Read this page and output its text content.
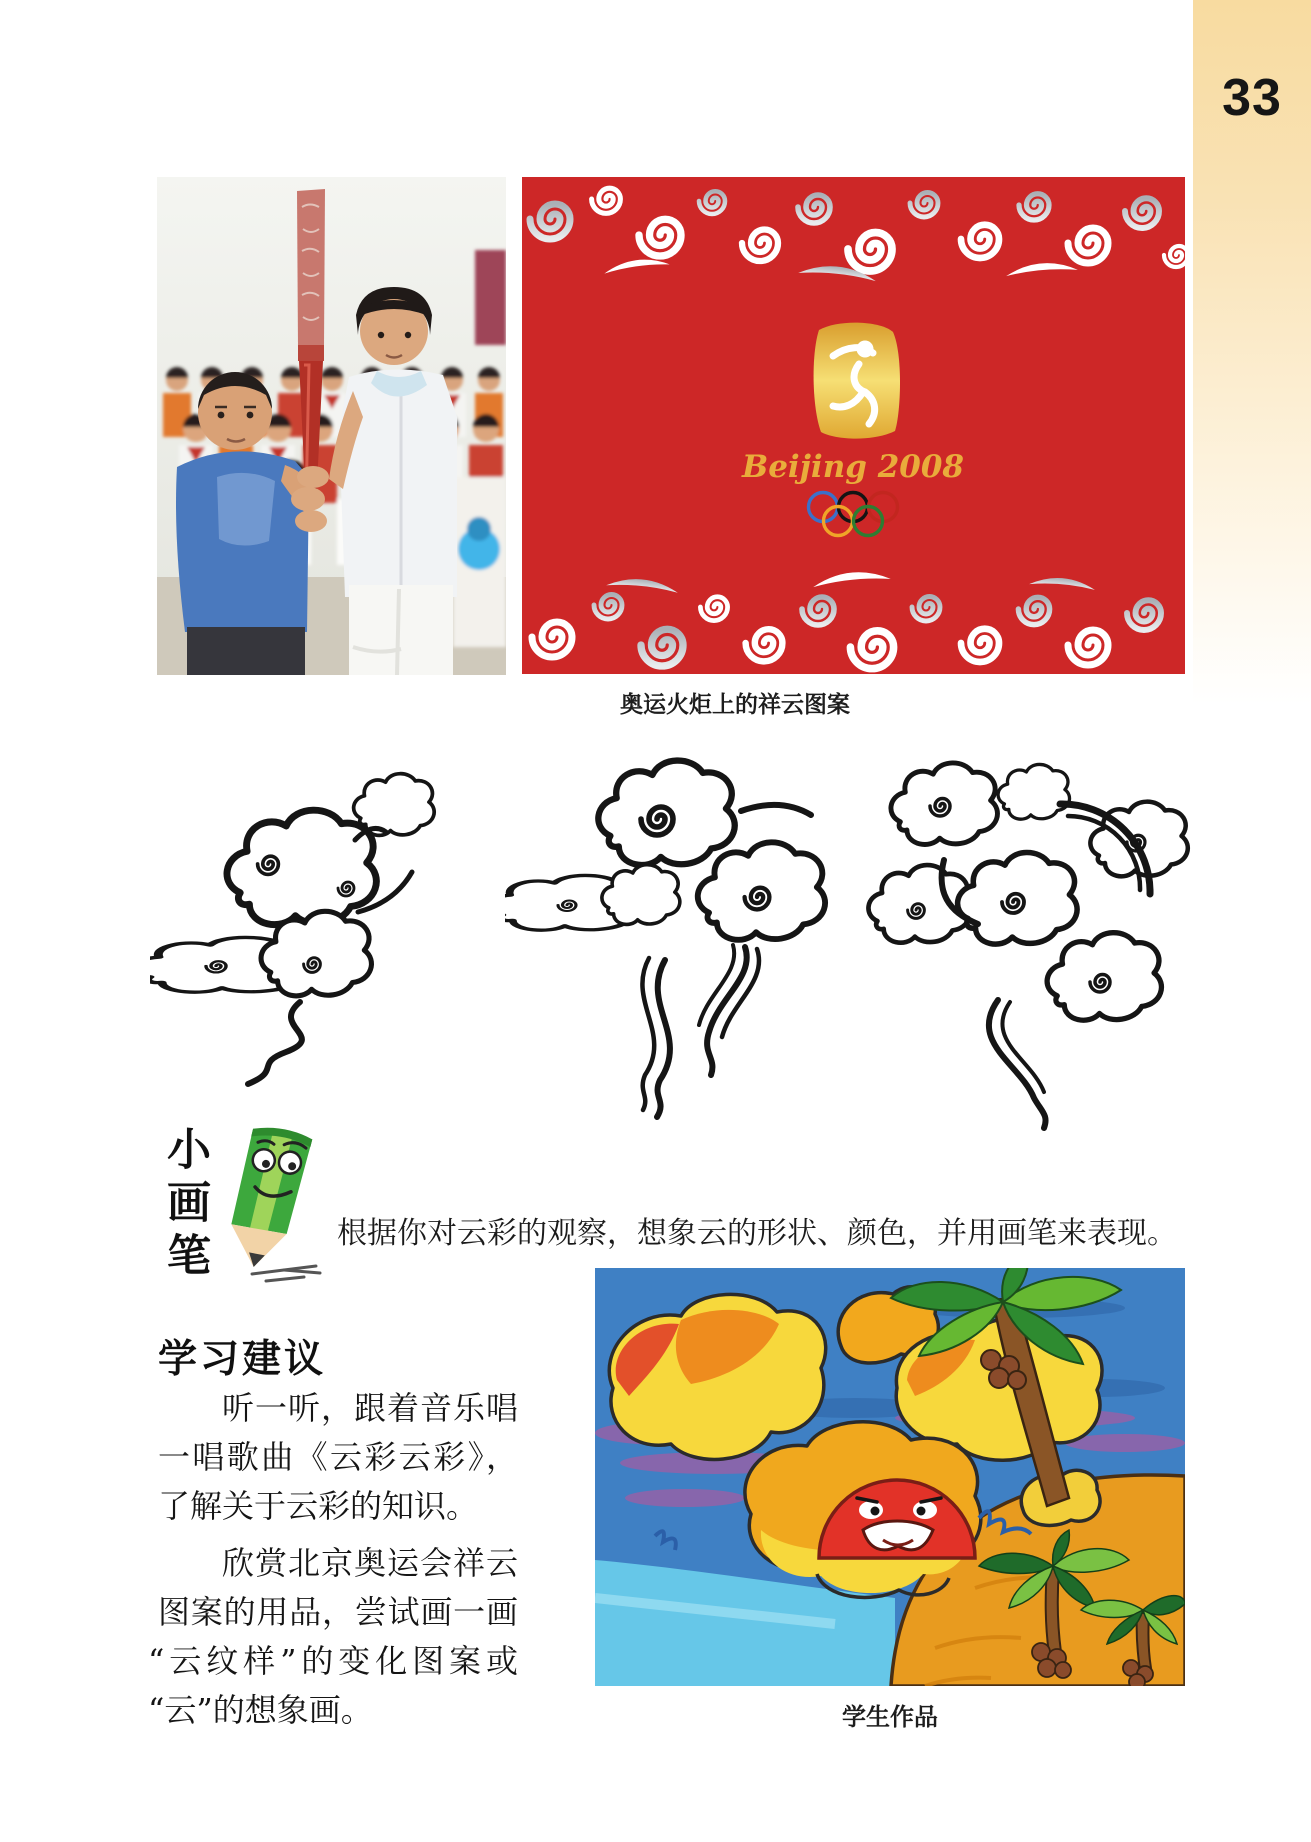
33
Beijing 2008
奥运火炬上的祥云图案
小画笔	根据你对云彩的观察，想象云的形状、颜色，并用画笔来表现。
学习建议
听一听，跟着音乐唱
一唱歌曲《云彩云彩》，
了解关于云彩的知识。
欣赏北京奥运会祥云
图案的用品，尝试画一画
“云纹样”的变化图案或
“云”的想象画。	学生作品
